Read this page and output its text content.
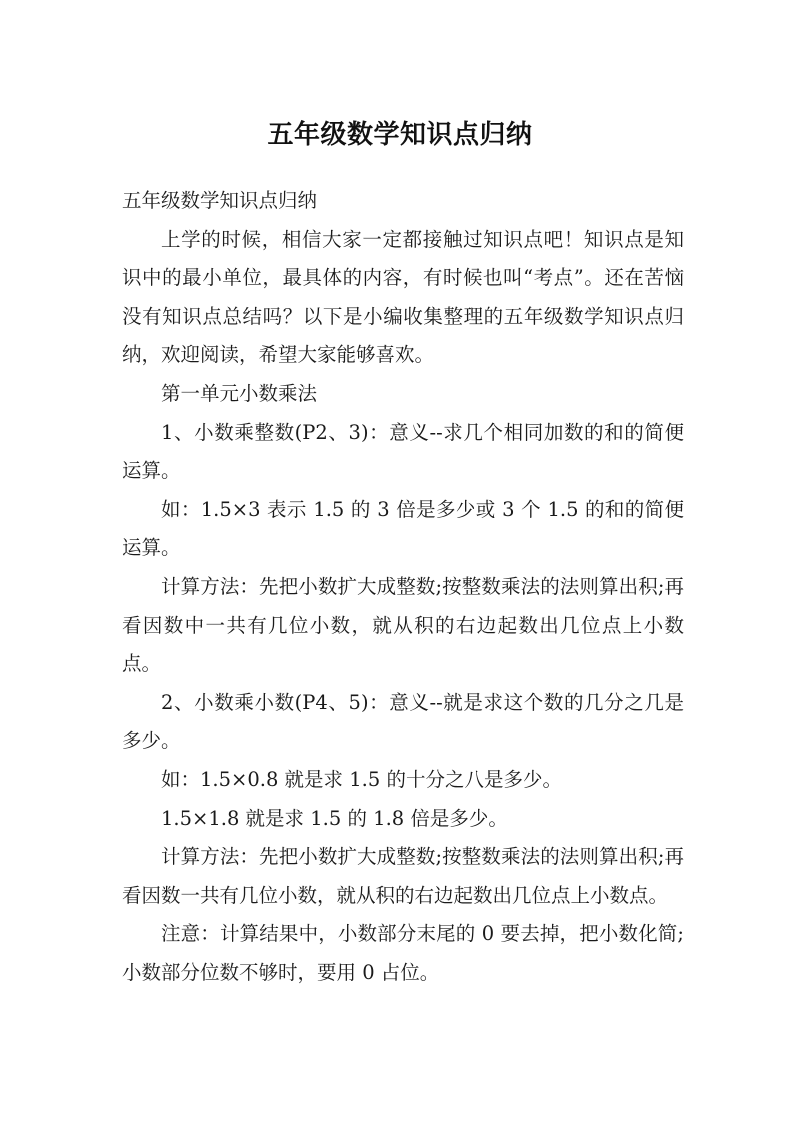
五年级数学知识点归纳

五年级数学知识点归纳

上学的时候，相信大家一定都接触过知识点吧！知识点是知识中的最小单位，最具体的内容，有时候也叫“考点”。还在苦恼没有知识点总结吗？以下是小编收集整理的五年级数学知识点归纳，欢迎阅读，希望大家能够喜欢。

第一单元小数乘法

1、小数乘整数(P2、3)：意义--求几个相同加数的和的简便运算。

如：1.5×3 表示 1.5 的 3 倍是多少或 3 个 1.5 的和的简便运算。

计算方法：先把小数扩大成整数;按整数乘法的法则算出积;再看因数中一共有几位小数，就从积的右边起数出几位点上小数点。

2、小数乘小数(P4、5)：意义--就是求这个数的几分之几是多少。

如：1.5×0.8 就是求 1.5 的十分之八是多少。

1.5×1.8 就是求 1.5 的 1.8 倍是多少。

计算方法：先把小数扩大成整数;按整数乘法的法则算出积;再看因数一共有几位小数，就从积的右边起数出几位点上小数点。

注意：计算结果中，小数部分末尾的 0 要去掉，把小数化简;小数部分位数不够时，要用 0 占位。
